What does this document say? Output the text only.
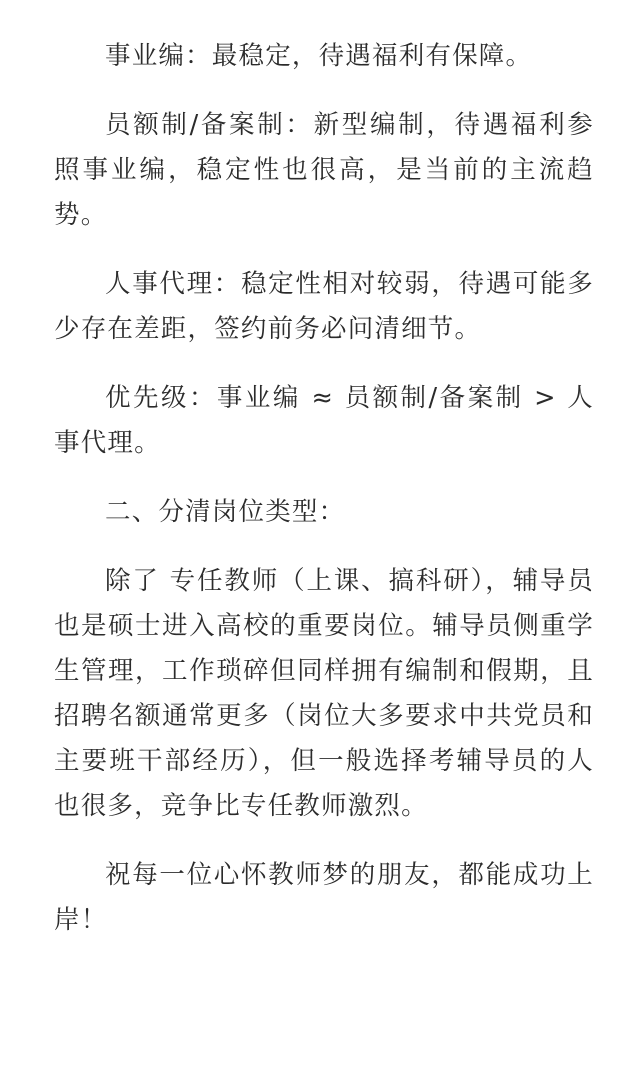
事业编：最稳定，待遇福利有保障。

员额制/备案制：新型编制，待遇福利参照事业编，稳定性也很高，是当前的主流趋势。

人事代理：稳定性相对较弱，待遇可能多少存在差距，签约前务必问清细节。

优先级：事业编 ≈ 员额制/备案制 > 人事代理。

二、分清岗位类型：

除了 专任教师（上课、搞科研），辅导员也是硕士进入高校的重要岗位。辅导员侧重学生管理，工作琐碎但同样拥有编制和假期，且招聘名额通常更多（岗位大多要求中共党员和主要班干部经历），但一般选择考辅导员的人也很多，竞争比专任教师激烈。

祝每一位心怀教师梦的朋友，都能成功上岸！
